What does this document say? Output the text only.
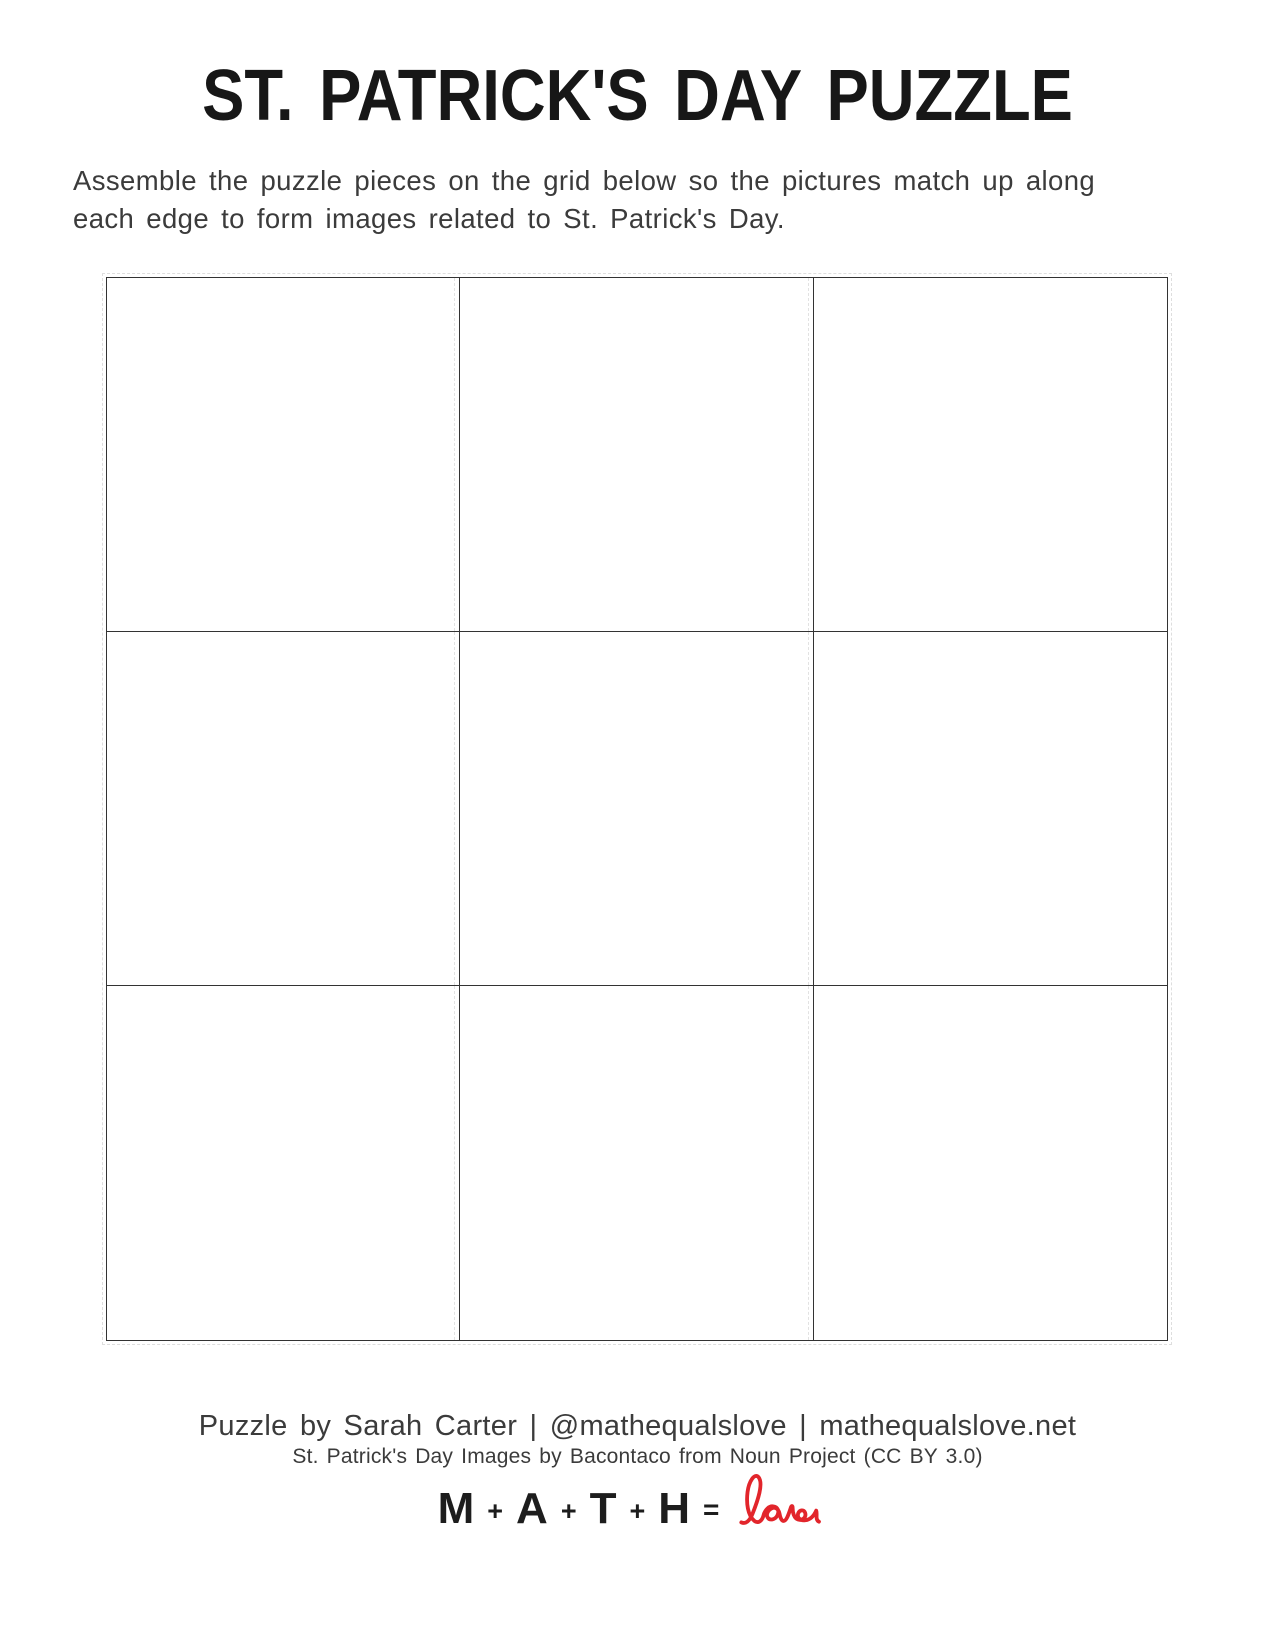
ST. PATRICK'S DAY PUZZLE
Assemble the puzzle pieces on the grid below so the pictures match up along
each edge to form images related to St. Patrick's Day.
Puzzle by Sarah Carter | @mathequalslove | mathequalslove.net
St. Patrick's Day Images by Bacontaco from Noun Project (CC BY 3.0)
M + A + T + H =
